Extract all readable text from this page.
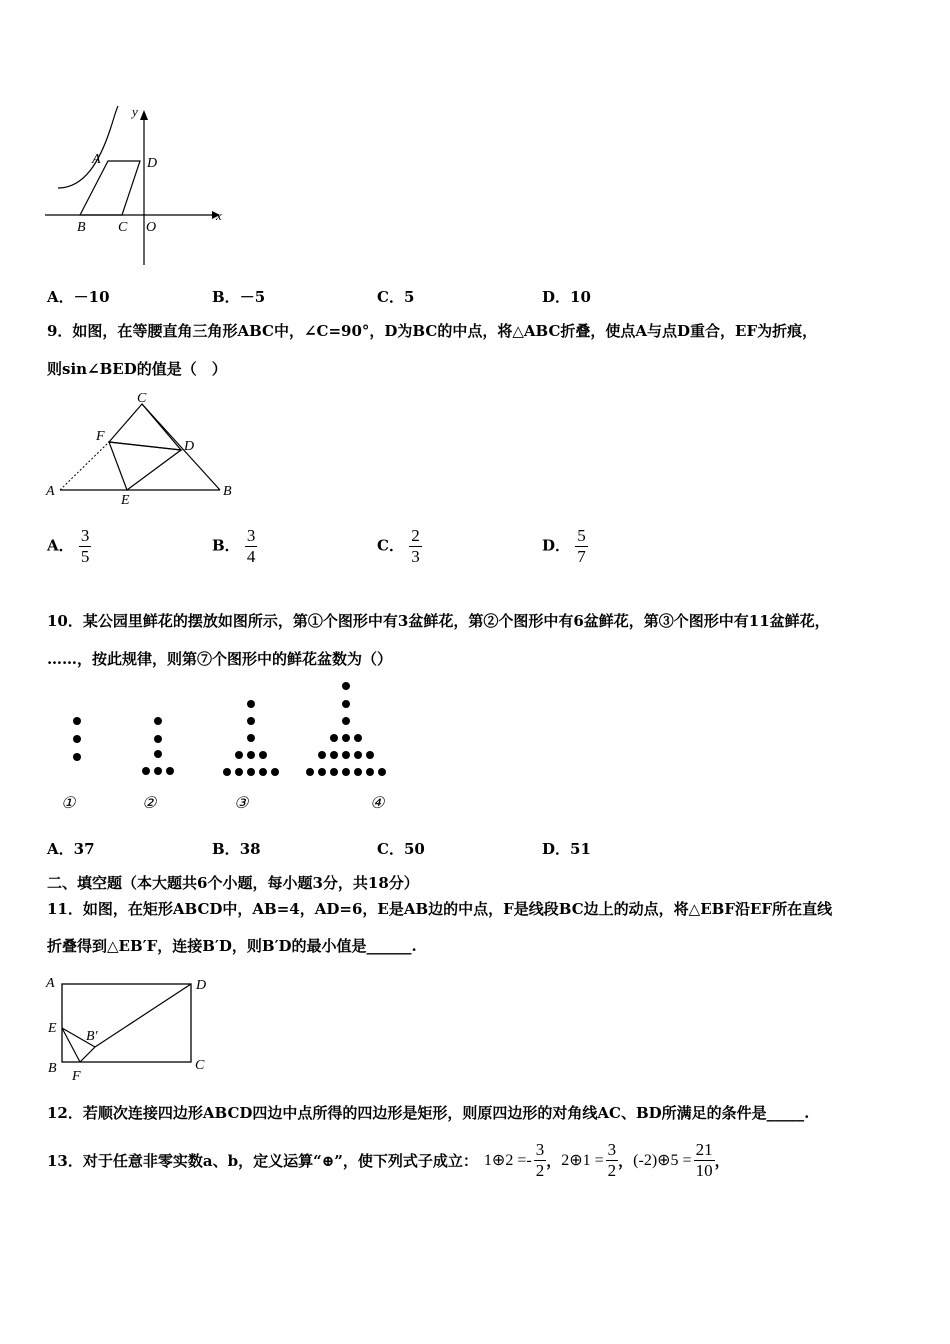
y
x
A	D
B C O
A．－10	B．－5	C．5	D．10
9．如图，在等腰直角三角形ABC中，∠C=90°，D为BC的中点，将△ABC折叠，使点A与点D重合，EF为折痕，
则sin∠BED的值是（　）
C
F
D
A
E
B
A． $\frac{3}{5}$	B． $\frac{3}{4}$	C． $\frac{2}{3}$	D． $\frac{5}{7}$
10．某公园里鲜花的摆放如图所示，第①个图形中有3盆鲜花，第②个图形中有6盆鲜花，第③个图形中有11盆鲜花，
……，按此规律，则第⑦个图形中的鲜花盆数为（）
①	②	③	④
A．37	B．38	C．50	D．51
二、填空题（本大题共6个小题，每小题3分，共18分）
11．如图，在矩形ABCD中，AB=4，AD=6，E是AB边的中点，F是线段BC边上的动点，将△EBF沿EF所在直线
折叠得到△EB′F，连接B′D，则B′D的最小值是______.
A	D
E
B′
B	C
F
12．若顺次连接四边形ABCD四边中点所得的四边形是矩形，则原四边形的对角线AC、BD所满足的条件是_____.
13．对于任意非零实数a、b，定义运算“⊕”，使下列式子成立： 1⊕2 =- $\frac{3}{2}$ ， 2⊕1 = $\frac{3}{2}$ ， (-2)⊕5 = $\frac{21}{10}$ ，
